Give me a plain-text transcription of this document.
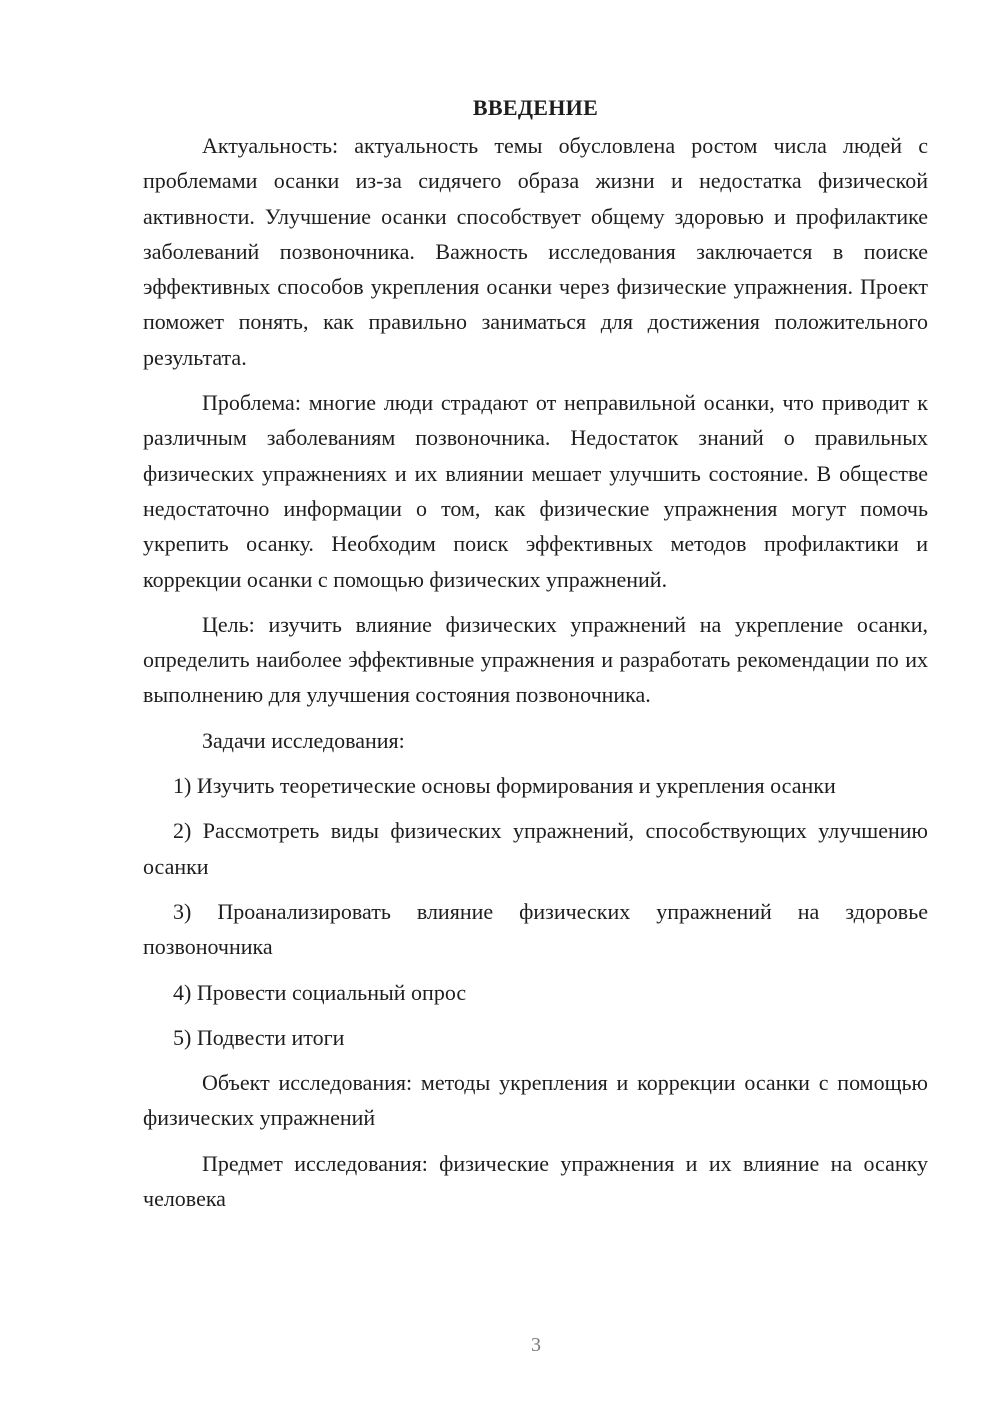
ВВЕДЕНИЕ

Актуальность: актуальность темы обусловлена ростом числа людей с проблемами осанки из-за сидячего образа жизни и недостатка физической активности. Улучшение осанки способствует общему здоровью и профилактике заболеваний позвоночника. Важность исследования заключается в поиске эффективных способов укрепления осанки через физические упражнения. Проект поможет понять, как правильно заниматься для достижения положительного результата.

Проблема: многие люди страдают от неправильной осанки, что приводит к различным заболеваниям позвоночника. Недостаток знаний о правильных физических упражнениях и их влиянии мешает улучшить состояние. В обществе недостаточно информации о том, как физические упражнения могут помочь укрепить осанку. Необходим поиск эффективных методов профилактики и коррекции осанки с помощью физических упражнений.

Цель: изучить влияние физических упражнений на укрепление осанки, определить наиболее эффективные упражнения и разработать рекомендации по их выполнению для улучшения состояния позвоночника.

Задачи исследования:

1) Изучить теоретические основы формирования и укрепления осанки

2) Рассмотреть виды физических упражнений, способствующих улучшению осанки

3) Проанализировать влияние физических упражнений на здоровье позвоночника

4) Провести социальный опрос

5) Подвести итоги

Объект исследования: методы укрепления и коррекции осанки с помощью физических упражнений

Предмет исследования: физические упражнения и их влияние на осанку человека

3
